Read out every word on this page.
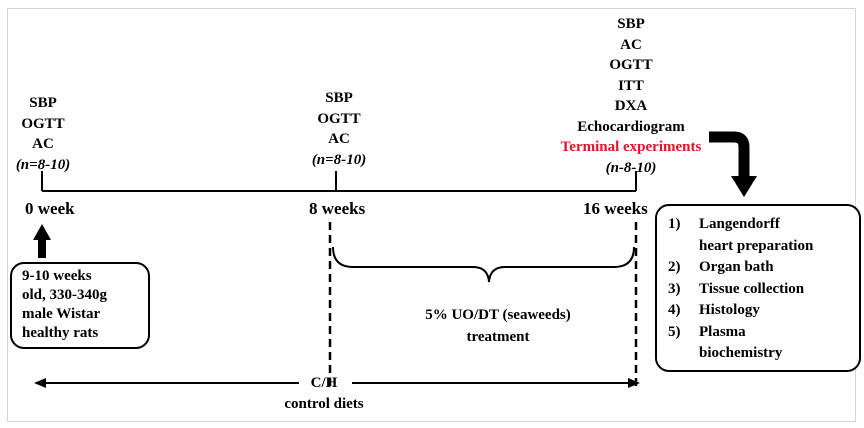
SBP
OGTT
AC
(n=8-10)
0 week
SBP
OGTT
AC
(n=8-10)
8 weeks
SBP
AC
OGTT
ITT
DXA
Echocardiogram
Terminal experiments
(n-8-10)
16 weeks
9-10 weeks
old, 330-340g
male Wistar
healthy rats
5% UO/DT (seaweeds)
treatment
C/H
control diets
1) Langendorff
heart preparation
2) Organ bath
3) Tissue collection
4) Histology
5) Plasma
biochemistry
